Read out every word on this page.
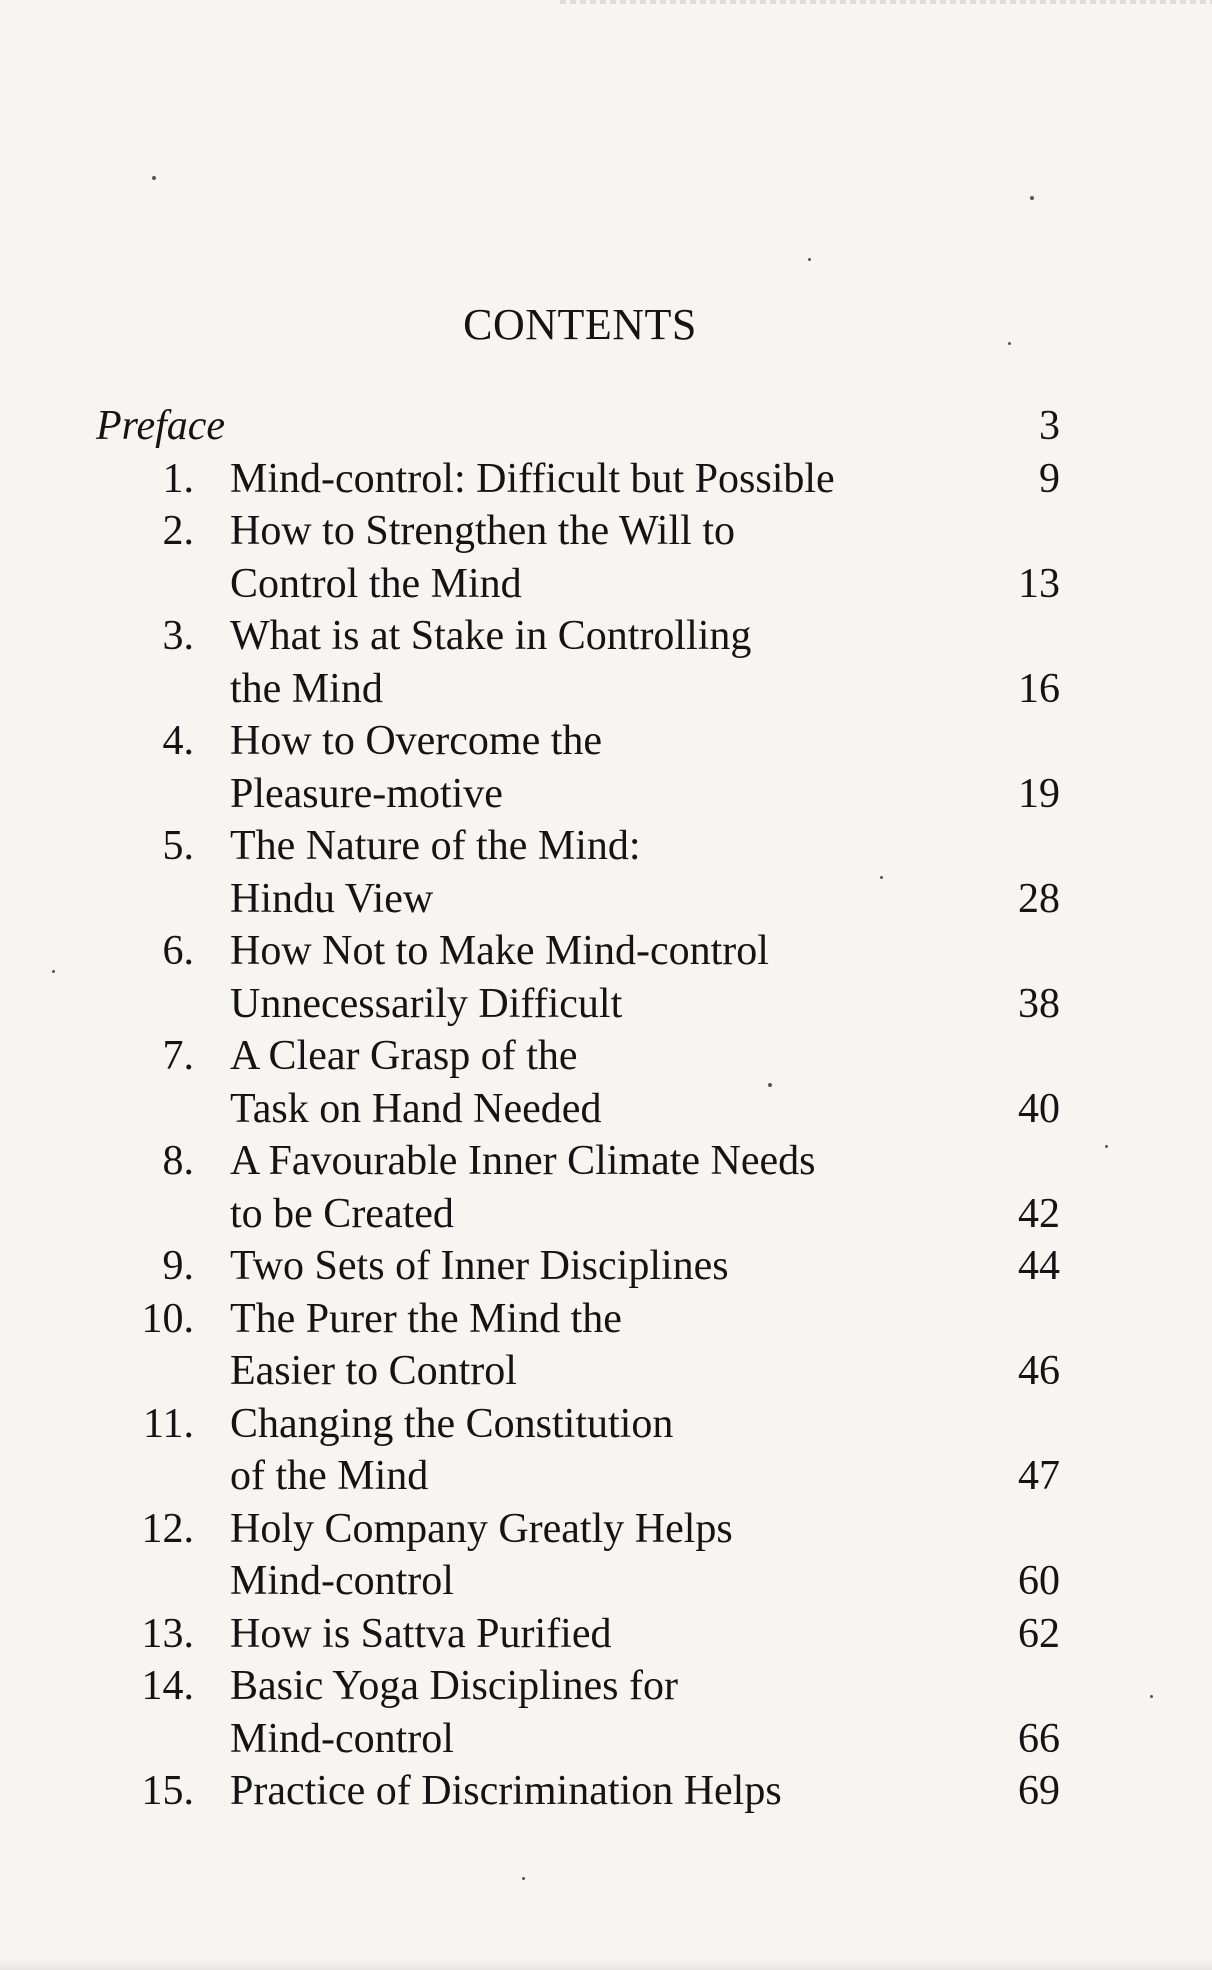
CONTENTS
Preface	3
1. Mind-control: Difficult but Possible	9
2. How to Strengthen the Will to
Control the Mind	13
3. What is at Stake in Controlling
the Mind	16
4. How to Overcome the
Pleasure-motive	19
5. The Nature of the Mind:
Hindu View	28
6. How Not to Make Mind-control
Unnecessarily Difficult	38
7. A Clear Grasp of the
Task on Hand Needed	40
8. A Favourable Inner Climate Needs
to be Created	42
9. Two Sets of Inner Disciplines	44
10. The Purer the Mind the
Easier to Control	46
11. Changing the Constitution
of the Mind	47
12. Holy Company Greatly Helps
Mind-control	60
13. How is Sattva Purified	62
14. Basic Yoga Disciplines for
Mind-control	66
15. Practice of Discrimination Helps	69
